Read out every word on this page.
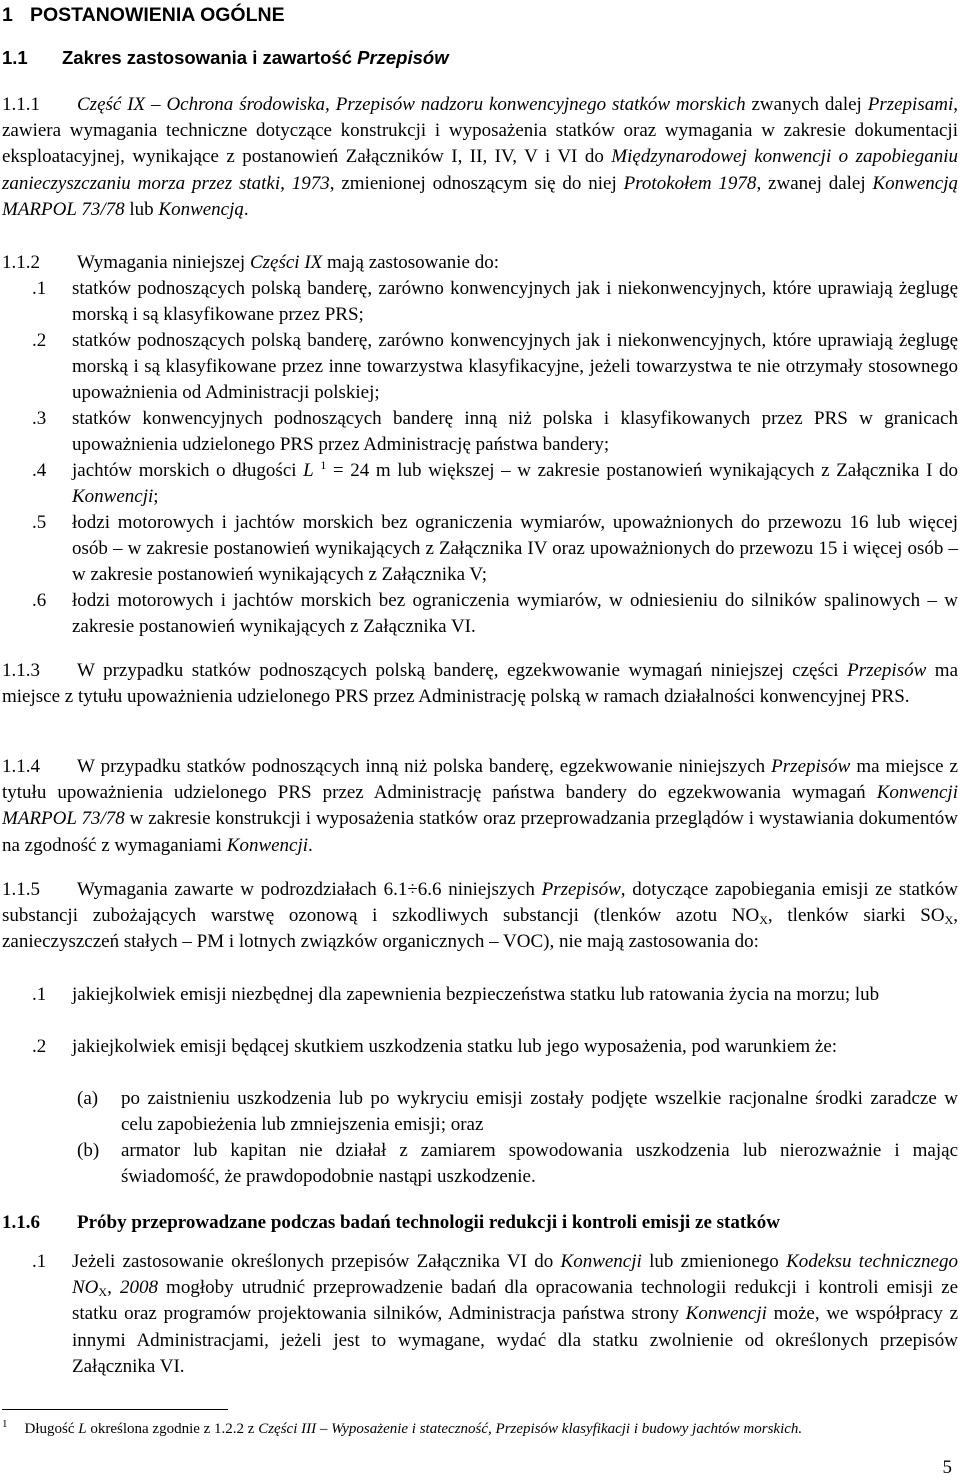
1 POSTANOWIENIA OGÓLNE
1.1 Zakres zastosowania i zawartość Przepisów
1.1.1 Część IX – Ochrona środowiska, Przepisów nadzoru konwencyjnego statków morskich zwanych dalej Przepisami, zawiera wymagania techniczne dotyczące konstrukcji i wyposażenia statków oraz wymagania w zakresie dokumentacji eksploatacyjnej, wynikające z postanowień Załączników I, II, IV, V i VI do Międzynarodowej konwencji o zapobieganiu zanieczyszczaniu morza przez statki, 1973, zmienionej odnoszącym się do niej Protokołem 1978, zwanej dalej Konwencją MARPOL 73/78 lub Konwencją.
1.1.2 Wymagania niniejszej Części IX mają zastosowanie do:
.1	statków podnoszących polską banderę, zarówno konwencyjnych jak i niekonwencyjnych, które uprawiają żeglugę morską i są klasyfikowane przez PRS;
.2	statków podnoszących polską banderę, zarówno konwencyjnych jak i niekonwencyjnych, które uprawiają żeglugę morską i są klasyfikowane przez inne towarzystwa klasyfikacyjne, jeżeli towarzystwa te nie otrzymały stosownego upoważnienia od Administracji polskiej;
.3	statków konwencyjnych podnoszących banderę inną niż polska i klasyfikowanych przez PRS w granicach upoważnienia udzielonego PRS przez Administrację państwa bandery;
.4	jachtów morskich o długości L $^1$ = 24 m lub większej – w zakresie postanowień wynikających z Załącznika I do Konwencji;
.5	łodzi motorowych i jachtów morskich bez ograniczenia wymiarów, upoważnionych do przewozu 16 lub więcej osób – w zakresie postanowień wynikających z Załącznika IV oraz upoważnionych do przewozu 15 i więcej osób – w zakresie postanowień wynikających z Załącznika V;
.6	łodzi motorowych i jachtów morskich bez ograniczenia wymiarów, w odniesieniu do silników spalinowych – w zakresie postanowień wynikających z Załącznika VI.
1.1.3 W przypadku statków podnoszących polską banderę, egzekwowanie wymagań niniejszej części Przepisów ma miejsce z tytułu upoważnienia udzielonego PRS przez Administrację polską w ramach działalności konwencyjnej PRS.
1.1.4 W przypadku statków podnoszących inną niż polska banderę, egzekwowanie niniejszych Przepisów ma miejsce z tytułu upoważnienia udzielonego PRS przez Administrację państwa bandery do egzekwowania wymagań Konwencji MARPOL 73/78 w zakresie konstrukcji i wyposażenia statków oraz przeprowadzania przeglądów i wystawiania dokumentów na zgodność z wymaganiami Konwencji.
1.1.5 Wymagania zawarte w podrozdziałach 6.1÷6.6 niniejszych Przepisów, dotyczące zapobiegania emisji ze statków substancji zubożających warstwę ozonową i szkodliwych substancji (tlenków azotu $NO_X$, tlenków siarki $SO_X$, zanieczyszczeń stałych – PM i lotnych związków organicznych – VOC), nie mają zastosowania do:
.1	jakiejkolwiek emisji niezbędnej dla zapewnienia bezpieczeństwa statku lub ratowania życia na morzu; lub
.2	jakiejkolwiek emisji będącej skutkiem uszkodzenia statku lub jego wyposażenia, pod warunkiem że:
(a)	po zaistnieniu uszkodzenia lub po wykryciu emisji zostały podjęte wszelkie racjonalne środki zaradcze w celu zapobieżenia lub zmniejszenia emisji; oraz
(b)	armator lub kapitan nie działał z zamiarem spowodowania uszkodzenia lub nierozważnie i mając świadomość, że prawdopodobnie nastąpi uszkodzenie.
1.1.6 Próby przeprowadzane podczas badań technologii redukcji i kontroli emisji ze statków
.1	Jeżeli zastosowanie określonych przepisów Załącznika VI do Konwencji lub zmienionego Kodeksu technicznego $NO_X$, 2008 mogłoby utrudnić przeprowadzenie badań dla opracowania technologii redukcji i kontroli emisji ze statku oraz programów projektowania silników, Administracja państwa strony Konwencji może, we współpracy z innymi Administracjami, jeżeli jest to wymagane, wydać dla statku zwolnienie od określonych przepisów Załącznika VI.
$^1$ Długość L określona zgodnie z 1.2.2 z Części III – Wyposażenie i stateczność, Przepisów klasyfikacji i budowy jachtów morskich.
5
